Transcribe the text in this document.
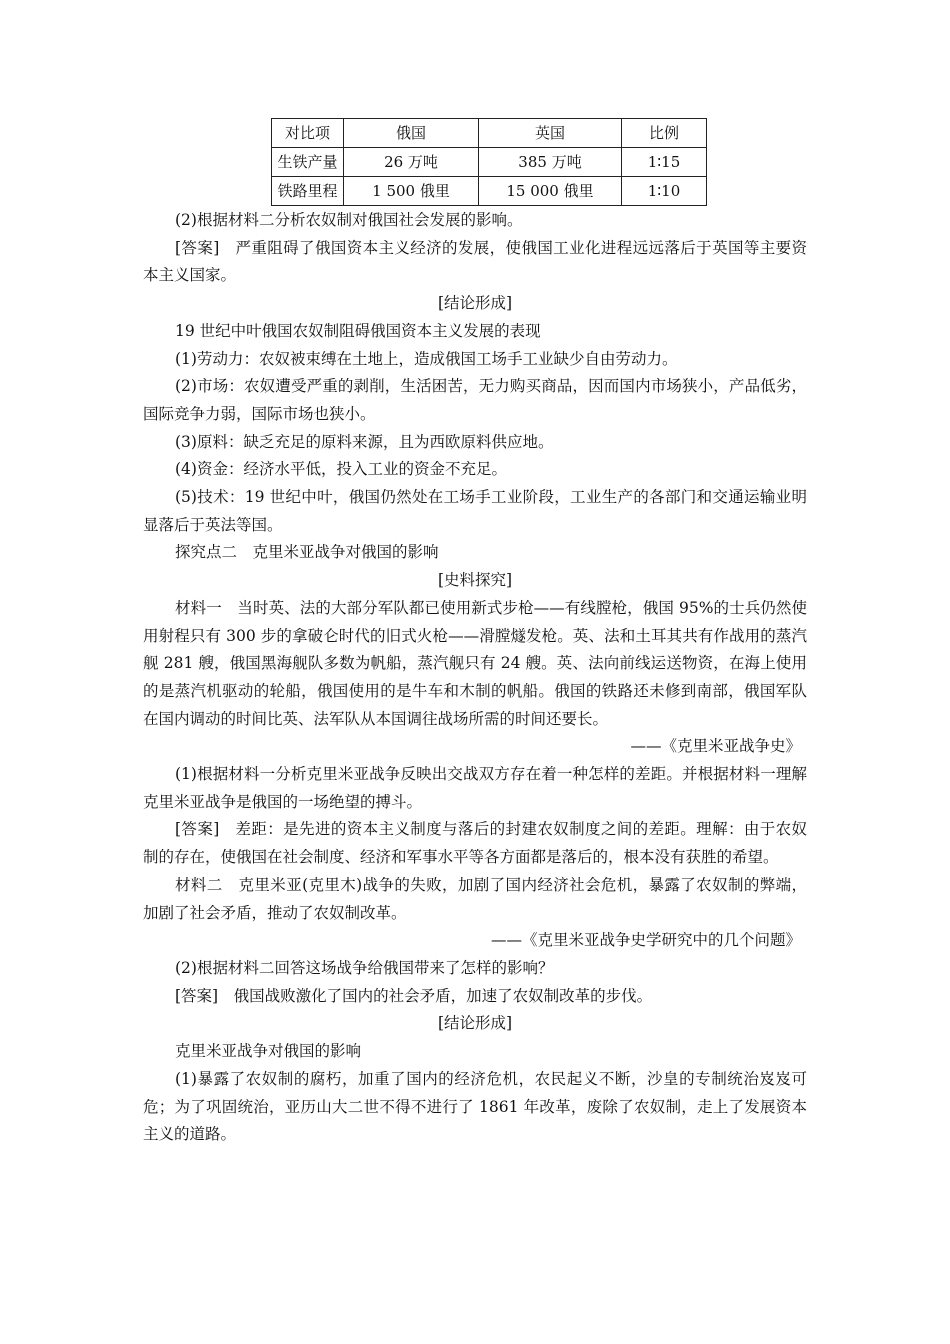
对比项	俄国	英国	比例
生铁产量	26 万吨	385 万吨	1∶15
铁路里程	1 500 俄里	15 000 俄里	1∶10

(2)根据材料二分析农奴制对俄国社会发展的影响。

[答案]　严重阻碍了俄国资本主义经济的发展，使俄国工业化进程远远落后于英国等主要资本主义国家。

[结论形成]

19 世纪中叶俄国农奴制阻碍俄国资本主义发展的表现

(1)劳动力：农奴被束缚在土地上，造成俄国工场手工业缺少自由劳动力。

(2)市场：农奴遭受严重的剥削，生活困苦，无力购买商品，因而国内市场狭小，产品低劣，国际竞争力弱，国际市场也狭小。

(3)原料：缺乏充足的原料来源，且为西欧原料供应地。

(4)资金：经济水平低，投入工业的资金不充足。

(5)技术：19 世纪中叶，俄国仍然处在工场手工业阶段，工业生产的各部门和交通运输业明显落后于英法等国。

探究点二　克里米亚战争对俄国的影响

[史料探究]

材料一　当时英、法的大部分军队都已使用新式步枪——有线膛枪，俄国 95%的士兵仍然使用射程只有 300 步的拿破仑时代的旧式火枪——滑膛燧发枪。英、法和土耳其共有作战用的蒸汽舰 281 艘，俄国黑海舰队多数为帆船，蒸汽舰只有 24 艘。英、法向前线运送物资，在海上使用的是蒸汽机驱动的轮船，俄国使用的是牛车和木制的帆船。俄国的铁路还未修到南部，俄国军队在国内调动的时间比英、法军队从本国调往战场所需的时间还要长。

——《克里米亚战争史》

(1)根据材料一分析克里米亚战争反映出交战双方存在着一种怎样的差距。并根据材料一理解克里米亚战争是俄国的一场绝望的搏斗。

[答案]　差距：是先进的资本主义制度与落后的封建农奴制度之间的差距。理解：由于农奴制的存在，使俄国在社会制度、经济和军事水平等各方面都是落后的，根本没有获胜的希望。

材料二　克里米亚(克里木)战争的失败，加剧了国内经济社会危机，暴露了农奴制的弊端，加剧了社会矛盾，推动了农奴制改革。

——《克里米亚战争史学研究中的几个问题》

(2)根据材料二回答这场战争给俄国带来了怎样的影响？

[答案]　俄国战败激化了国内的社会矛盾，加速了农奴制改革的步伐。

[结论形成]

克里米亚战争对俄国的影响

(1)暴露了农奴制的腐朽，加重了国内的经济危机，农民起义不断，沙皇的专制统治岌岌可危；为了巩固统治，亚历山大二世不得不进行了 1861 年改革，废除了农奴制，走上了发展资本主义的道路。
